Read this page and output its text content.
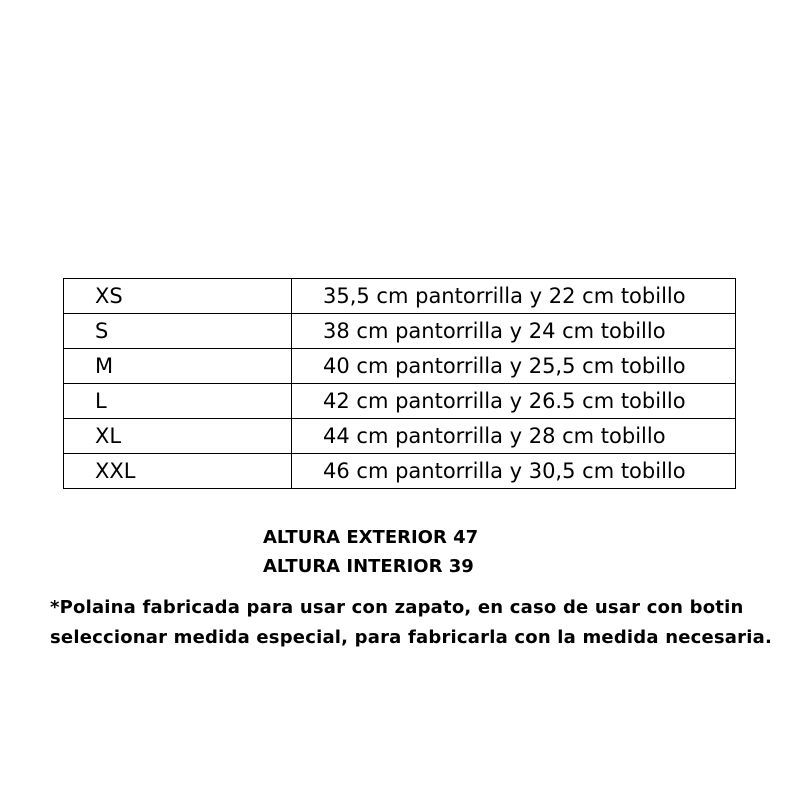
XS	35,5 cm pantorrilla y 22 cm tobillo
S	38 cm pantorrilla y 24 cm tobillo
M	40 cm pantorrilla y 25,5 cm tobillo
L	42 cm pantorrilla y 26.5 cm tobillo
XL	44 cm pantorrilla y 28 cm tobillo
XXL	46 cm pantorrilla y 30,5 cm tobillo
ALTURA EXTERIOR 47
ALTURA INTERIOR 39
*Polaina fabricada para usar con zapato, en caso de usar con botin
seleccionar medida especial, para fabricarla con la medida necesaria.
